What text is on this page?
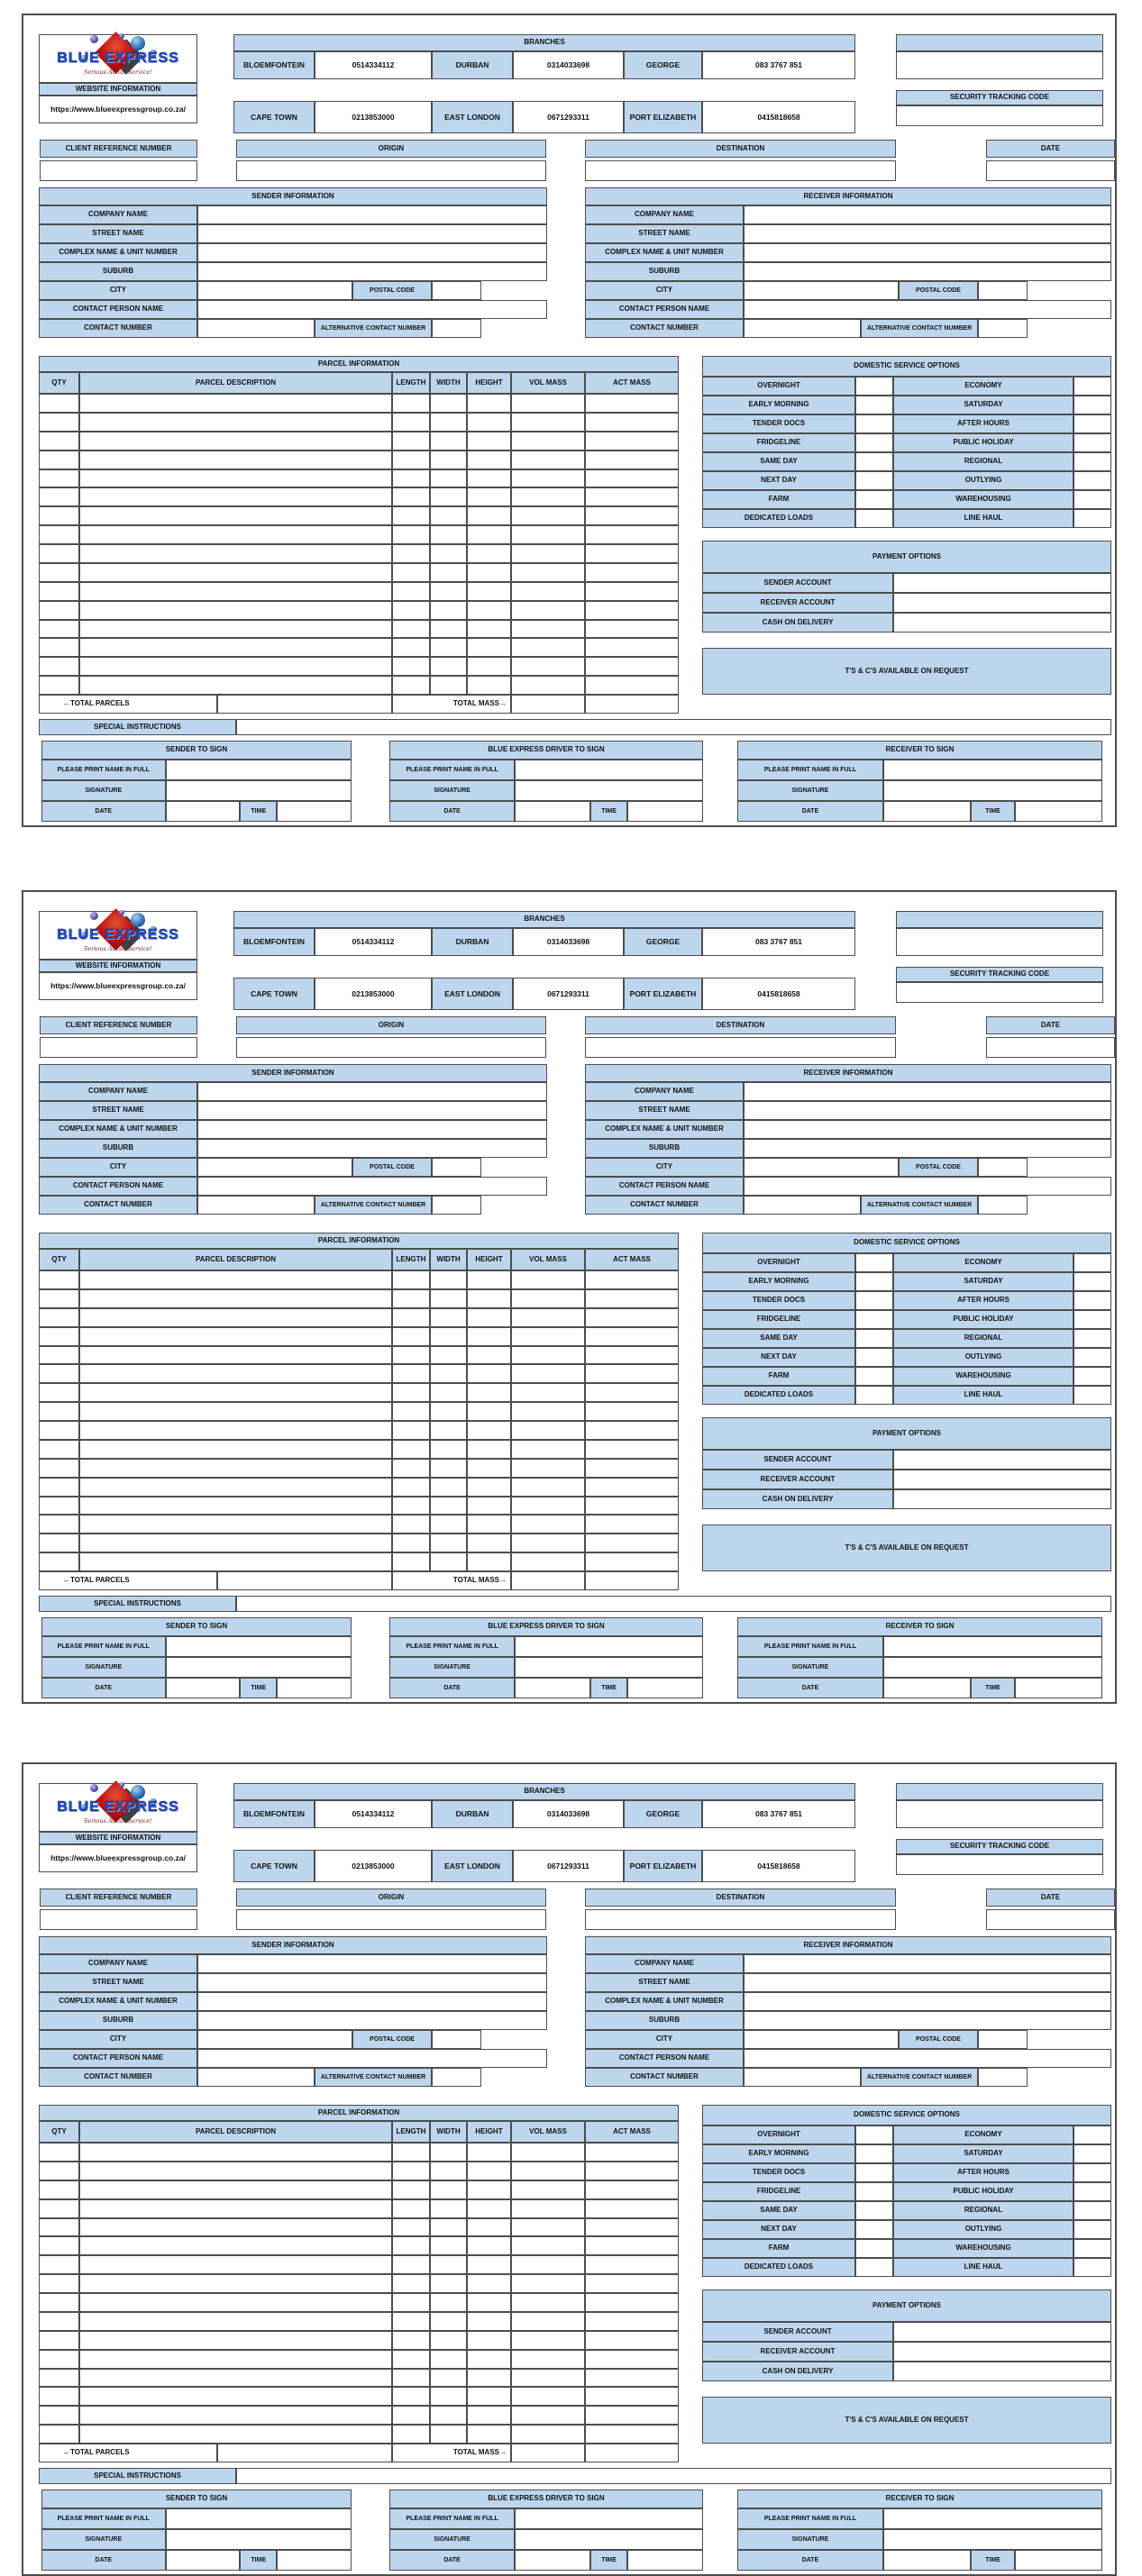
BLUE EXPRESS
Serious About Service!
WEBSITE INFORMATION
https://www.blueexpressgroup.co.za/
BRANCHES
BLOEMFONTEIN	0514334112	DURBAN	0314033698	GEORGE	083 3767 851
CAPE TOWN	0213853000	EAST LONDON	0671293311	PORT ELIZABETH	0415818658
SECURITY TRACKING CODE
CLIENT REFERENCE NUMBER	ORIGIN	DESTINATION	DATE
SENDER INFORMATION
COMPANY NAME
STREET NAME
COMPLEX NAME & UNIT NUMBER
SUBURB
CITY	POSTAL CODE
CONTACT PERSON NAME
CONTACT NUMBER	ALTERNATIVE CONTACT NUMBER
RECEIVER INFORMATION
COMPANY NAME
STREET NAME
COMPLEX NAME & UNIT NUMBER
SUBURB
CITY	POSTAL CODE
CONTACT PERSON NAME
CONTACT NUMBER	ALTERNATIVE CONTACT NUMBER
PARCEL INFORMATION
QTY	PARCEL DESCRIPTION	LENGTH	WIDTH	HEIGHT	VOL MASS	ACT MASS
←TOTAL PARCELS	TOTAL MASS→
DOMESTIC SERVICE OPTIONS
OVERNIGHT	ECONOMY
EARLY MORNING	SATURDAY
TENDER DOCS	AFTER HOURS
FRIDGELINE	PUBLIC HOLIDAY
SAME DAY	REGIONAL
NEXT DAY	OUTLYING
FARM	WAREHOUSING
DEDICATED LOADS	LINE HAUL
PAYMENT OPTIONS
SENDER ACCOUNT
RECEIVER ACCOUNT
CASH ON DELIVERY
T'S & C'S AVAILABLE ON REQUEST
SPECIAL INSTRUCTIONS
SENDER TO SIGN
PLEASE PRINT NAME IN FULL
SIGNATURE
DATE	TIME
BLUE EXPRESS DRIVER TO SIGN
PLEASE PRINT NAME IN FULL
SIGNATURE
DATE	TIME
RECEIVER TO SIGN
PLEASE PRINT NAME IN FULL
SIGNATURE
DATE	TIME
BLUE EXPRESS
Serious About Service!
WEBSITE INFORMATION
https://www.blueexpressgroup.co.za/
BRANCHES
BLOEMFONTEIN	0514334112	DURBAN	0314033698	GEORGE	083 3767 851
CAPE TOWN	0213853000	EAST LONDON	0671293311	PORT ELIZABETH	0415818658
SECURITY TRACKING CODE
CLIENT REFERENCE NUMBER	ORIGIN	DESTINATION	DATE
SENDER INFORMATION
COMPANY NAME
STREET NAME
COMPLEX NAME & UNIT NUMBER
SUBURB
CITY	POSTAL CODE
CONTACT PERSON NAME
CONTACT NUMBER	ALTERNATIVE CONTACT NUMBER
RECEIVER INFORMATION
COMPANY NAME
STREET NAME
COMPLEX NAME & UNIT NUMBER
SUBURB
CITY	POSTAL CODE
CONTACT PERSON NAME
CONTACT NUMBER	ALTERNATIVE CONTACT NUMBER
PARCEL INFORMATION
QTY	PARCEL DESCRIPTION	LENGTH	WIDTH	HEIGHT	VOL MASS	ACT MASS
←TOTAL PARCELS	TOTAL MASS→
DOMESTIC SERVICE OPTIONS
OVERNIGHT	ECONOMY
EARLY MORNING	SATURDAY
TENDER DOCS	AFTER HOURS
FRIDGELINE	PUBLIC HOLIDAY
SAME DAY	REGIONAL
NEXT DAY	OUTLYING
FARM	WAREHOUSING
DEDICATED LOADS	LINE HAUL
PAYMENT OPTIONS
SENDER ACCOUNT
RECEIVER ACCOUNT
CASH ON DELIVERY
T'S & C'S AVAILABLE ON REQUEST
SPECIAL INSTRUCTIONS
SENDER TO SIGN
PLEASE PRINT NAME IN FULL
SIGNATURE
DATE	TIME
BLUE EXPRESS DRIVER TO SIGN
PLEASE PRINT NAME IN FULL
SIGNATURE
DATE	TIME
RECEIVER TO SIGN
PLEASE PRINT NAME IN FULL
SIGNATURE
DATE	TIME
BLUE EXPRESS
Serious About Service!
WEBSITE INFORMATION
https://www.blueexpressgroup.co.za/
BRANCHES
BLOEMFONTEIN	0514334112	DURBAN	0314033698	GEORGE	083 3767 851
CAPE TOWN	0213853000	EAST LONDON	0671293311	PORT ELIZABETH	0415818658
SECURITY TRACKING CODE
CLIENT REFERENCE NUMBER	ORIGIN	DESTINATION	DATE
SENDER INFORMATION
COMPANY NAME
STREET NAME
COMPLEX NAME & UNIT NUMBER
SUBURB
CITY	POSTAL CODE
CONTACT PERSON NAME
CONTACT NUMBER	ALTERNATIVE CONTACT NUMBER
RECEIVER INFORMATION
COMPANY NAME
STREET NAME
COMPLEX NAME & UNIT NUMBER
SUBURB
CITY	POSTAL CODE
CONTACT PERSON NAME
CONTACT NUMBER	ALTERNATIVE CONTACT NUMBER
PARCEL INFORMATION
QTY	PARCEL DESCRIPTION	LENGTH	WIDTH	HEIGHT	VOL MASS	ACT MASS
←TOTAL PARCELS	TOTAL MASS→
DOMESTIC SERVICE OPTIONS
OVERNIGHT	ECONOMY
EARLY MORNING	SATURDAY
TENDER DOCS	AFTER HOURS
FRIDGELINE	PUBLIC HOLIDAY
SAME DAY	REGIONAL
NEXT DAY	OUTLYING
FARM	WAREHOUSING
DEDICATED LOADS	LINE HAUL
PAYMENT OPTIONS
SENDER ACCOUNT
RECEIVER ACCOUNT
CASH ON DELIVERY
T'S & C'S AVAILABLE ON REQUEST
SPECIAL INSTRUCTIONS
SENDER TO SIGN
PLEASE PRINT NAME IN FULL
SIGNATURE
DATE	TIME
BLUE EXPRESS DRIVER TO SIGN
PLEASE PRINT NAME IN FULL
SIGNATURE
DATE	TIME
RECEIVER TO SIGN
PLEASE PRINT NAME IN FULL
SIGNATURE
DATE	TIME
